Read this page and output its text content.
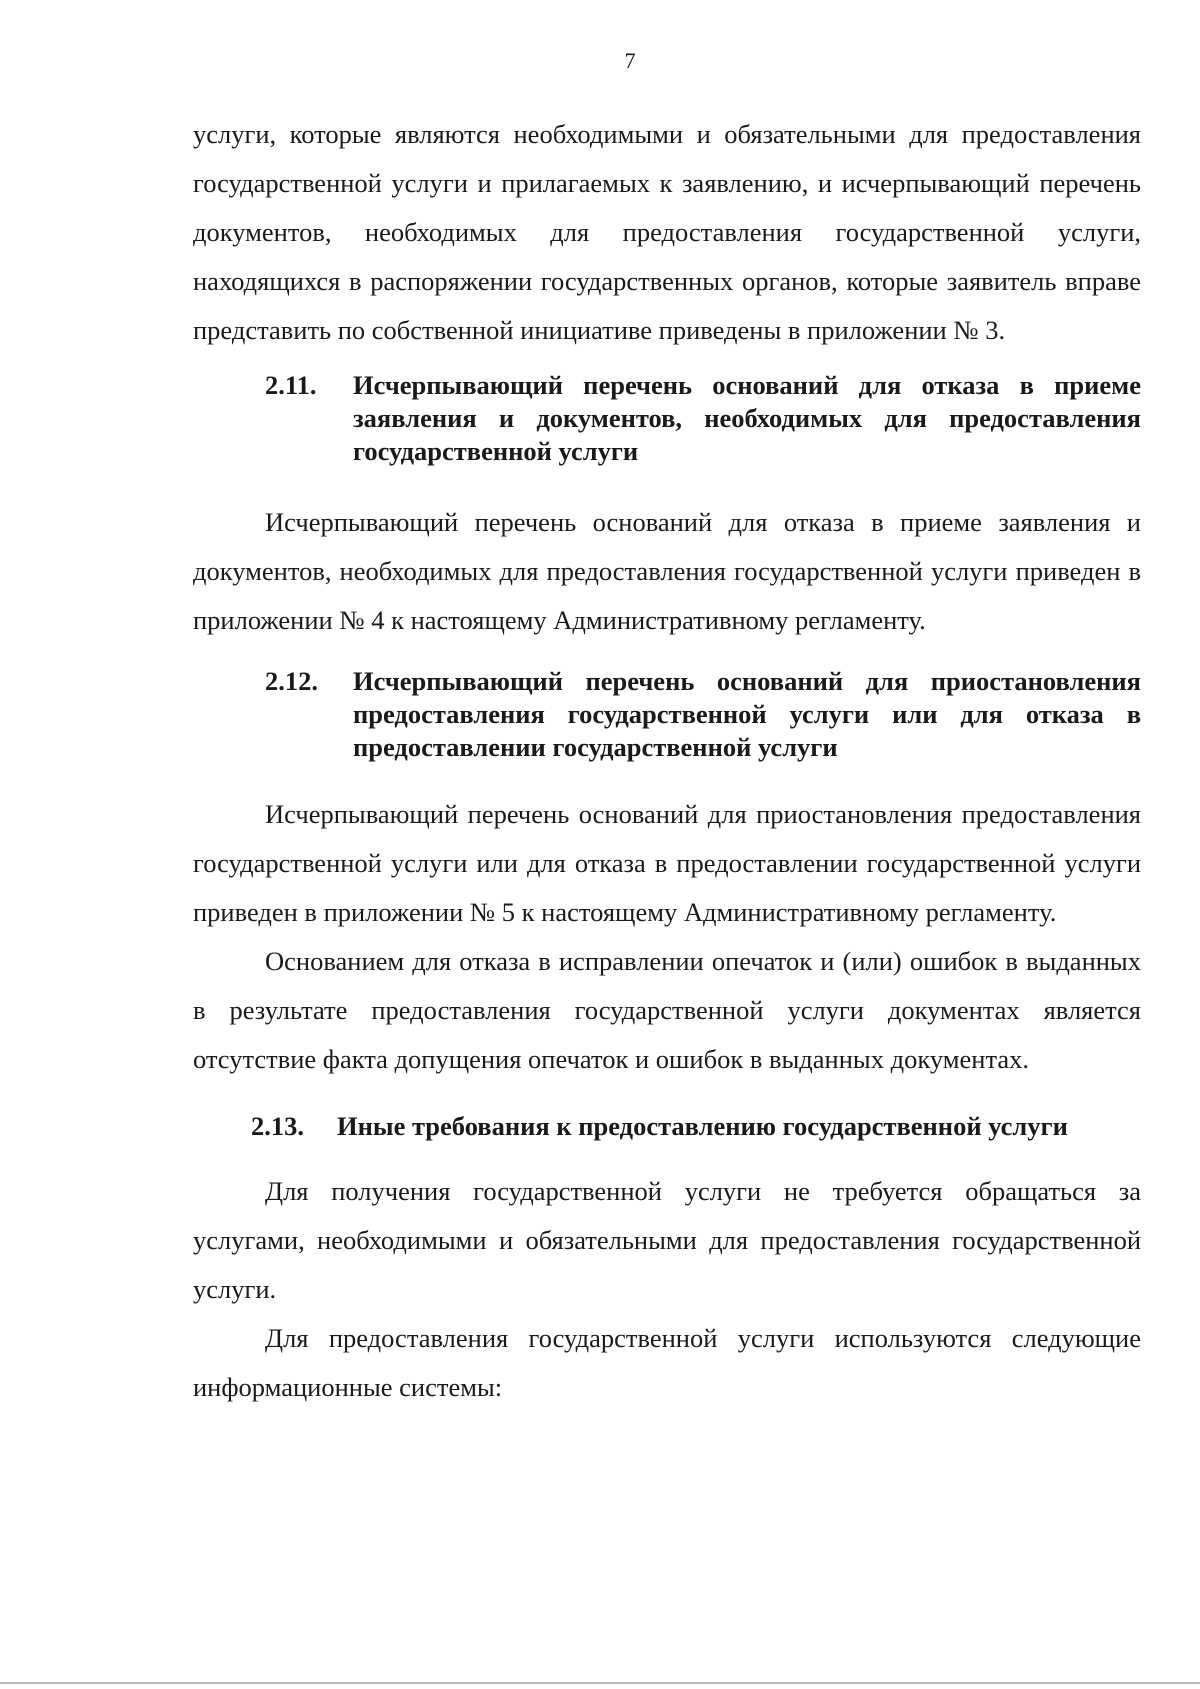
7

услуги, которые являются необходимыми и обязательными для предоставления государственной услуги и прилагаемых к заявлению, и исчерпывающий перечень документов, необходимых для предоставления государственной услуги, находящихся в распоряжении государственных органов, которые заявитель вправе представить по собственной инициативе приведены в приложении № 3.

2.11.	Исчерпывающий перечень оснований для отказа в приеме заявления и документов, необходимых для предоставления государственной услуги

Исчерпывающий перечень оснований для отказа в приеме заявления и документов, необходимых для предоставления государственной услуги приведен в приложении № 4 к настоящему Административному регламенту.

2.12.	Исчерпывающий перечень оснований для приостановления предоставления государственной услуги или для отказа в предоставлении государственной услуги

Исчерпывающий перечень оснований для приостановления предоставления государственной услуги или для отказа в предоставлении государственной услуги приведен в приложении № 5 к настоящему Административному регламенту.

Основанием для отказа в исправлении опечаток и (или) ошибок в выданных в результате предоставления государственной услуги документах является отсутствие факта допущения опечаток и ошибок в выданных документах.

2.13.	Иные требования к предоставлению государственной услуги

Для получения государственной услуги не требуется обращаться за услугами, необходимыми и обязательными для предоставления государственной услуги.

Для предоставления государственной услуги используются следующие информационные системы:
